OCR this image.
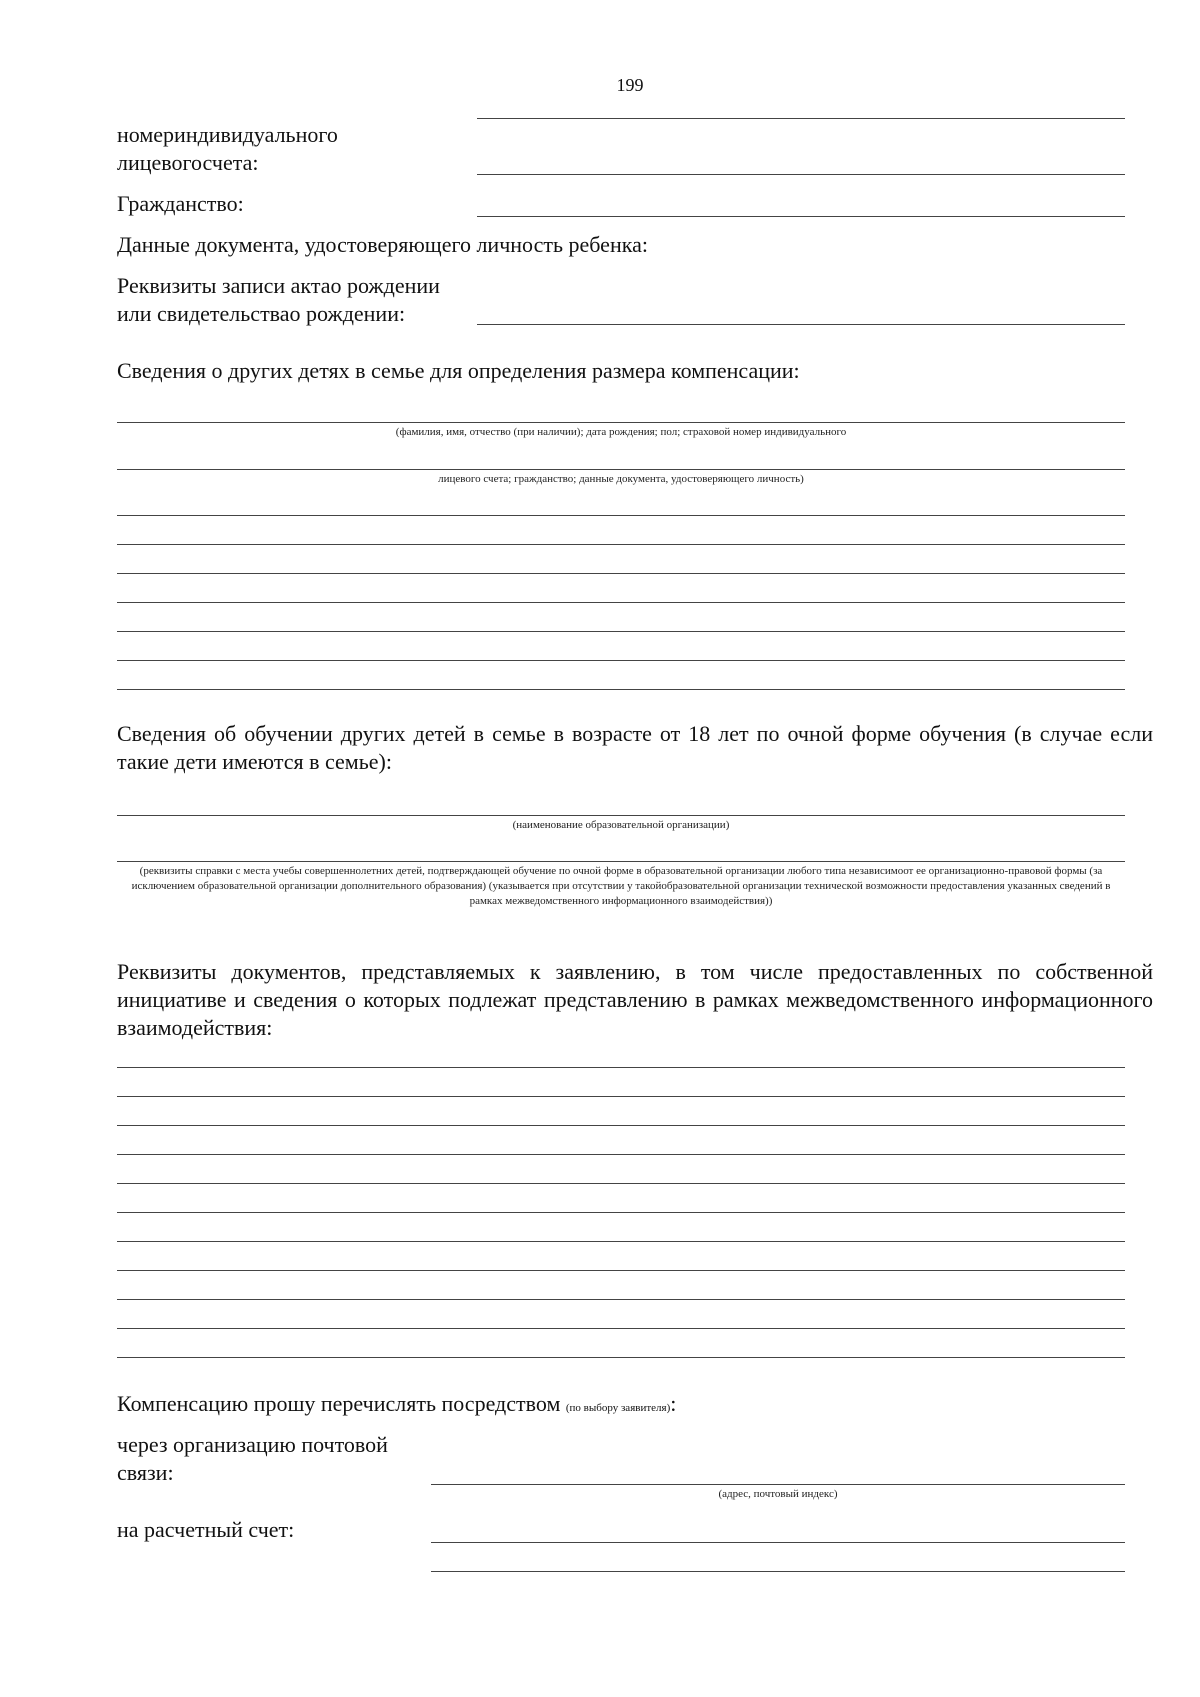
199
номериндивидуального
лицевогосчета:
Гражданство:
Данные документа, удостоверяющего личность ребенка:
Реквизиты записи актао рождении
или свидетельствао рождении:
Сведения о других детях в семье для определения размера компенсации:
(фамилия, имя, отчество (при наличии); дата рождения; пол; страховой номер индивидуального
лицевого счета; гражданство; данные документа, удостоверяющего личность)
Сведения об обучении других детей в семье в возрасте от 18 лет по очной форме обучения (в случае если такие дети имеются в семье):
(наименование образовательной организации)
(реквизиты справки с места учебы совершеннолетних детей, подтверждающей обучение по очной форме в образовательной организации любого типа независимоот ее организационно-правовой формы (за исключением образовательной организации дополнительного образования) (указывается при отсутствии у такойобразовательной организации технической возможности предоставления указанных сведений в рамках межведомственного информационного взаимодействия))
Реквизиты документов, представляемых к заявлению, в том числе предоставленных по собственной инициативе и сведения о которых подлежат представлению в рамках межведомственного информационного взаимодействия:
Компенсацию прошу перечислять посредством (по выбору заявителя):
через организацию почтовой
связи:
(адрес, почтовый индекс)
на расчетный счет:
